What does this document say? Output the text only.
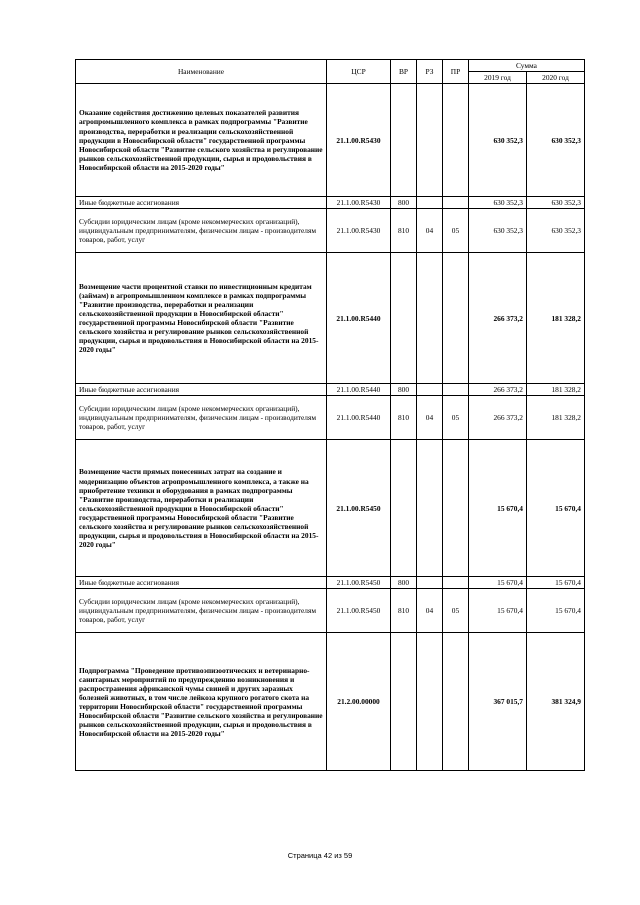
Наименование	ЦСР	ВР	РЗ	ПР	Сумма	
					2019 год	2020 год
Оказание содействия достижению целевых показателей развития агропромышленного комплекса в рамках подпрограммы "Развитие производства, переработки и реализации сельскохозяйственной продукции в Новосибирской области" государственной программы Новосибирской области "Развитие сельского хозяйства и регулирование рынков сельскохозяйственной продукции, сырья и продовольствия в Новосибирской области на 2015-2020 годы"	21.1.00.R5430				630 352,3	630 352,3
Иные бюджетные ассигнования	21.1.00.R5430	800			630 352,3	630 352,3
Субсидии юридическим лицам (кроме некоммерческих организаций), индивидуальным предпринимателям, физическим лицам - производителям товаров, работ, услуг	21.1.00.R5430	810	04	05	630 352,3	630 352,3
Возмещение части процентной ставки по инвестиционным кредитам (займам) в агропромышленном комплексе в рамках подпрограммы "Развитие производства, переработки и реализации сельскохозяйственной продукции в Новосибирской области" государственной программы Новосибирской области "Развитие сельского хозяйства и регулирование рынков сельскохозяйственной продукции, сырья и продовольствия в Новосибирской области на 2015-2020 годы"	21.1.00.R5440				266 373,2	181 328,2
Иные бюджетные ассигнования	21.1.00.R5440	800			266 373,2	181 328,2
Субсидии юридическим лицам (кроме некоммерческих организаций), индивидуальным предпринимателям, физическим лицам - производителям товаров, работ, услуг	21.1.00.R5440	810	04	05	266 373,2	181 328,2
Возмещение части прямых понесенных затрат на создание и модернизацию объектов агропромышленного комплекса, а также на приобретение техники и оборудования в рамках подпрограммы "Развитие производства, переработки и реализации сельскохозяйственной продукции в Новосибирской области" государственной программы Новосибирской области "Развитие сельского хозяйства и регулирование рынков сельскохозяйственной продукции, сырья и продовольствия в Новосибирской области на 2015-2020 годы"	21.1.00.R5450				15 670,4	15 670,4
Иные бюджетные ассигнования	21.1.00.R5450	800			15 670,4	15 670,4
Субсидии юридическим лицам (кроме некоммерческих организаций), индивидуальным предпринимателям, физическим лицам - производителям товаров, работ, услуг	21.1.00.R5450	810	04	05	15 670,4	15 670,4
Подпрограмма "Проведение противоэпизоотических и ветеринарно-санитарных мероприятий по предупреждению возникновения и распространения африканской чумы свиней и других заразных болезней животных, в том числе лейкоза крупного рогатого скота на территории Новосибирской области" государственной программы Новосибирской области "Развитие сельского хозяйства и регулирование рынков сельскохозяйственной продукции, сырья и продовольствия в Новосибирской области на 2015-2020 годы"	21.2.00.00000				367 015,7	381 324,9
Страница 42 из 59
